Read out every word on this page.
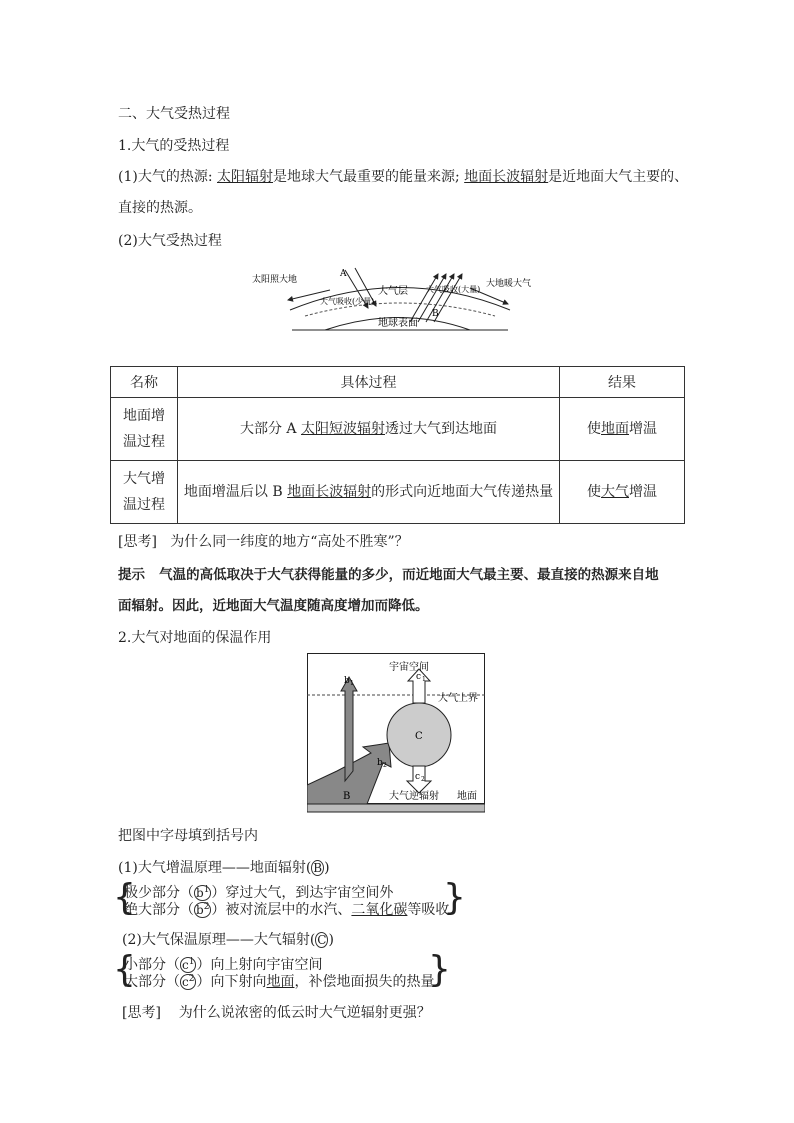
二、大气受热过程
1.大气的受热过程
(1)大气的热源: 太阳辐射是地球大气最重要的能量来源; 地面长波辐射是近地面大气主要的、
直接的热源。
(2)大气受热过程
太阳照大地	大地暖大气
大气吸收(少量)
大气层 大气吸收(大量)
地球表面
A
B
名称	具体过程	结果
地面增
温过程	大部分 A 太阳短波辐射透过大气到达地面	使地面增温
大气增
温过程	地面增温后以 B 地面长波辐射的形式向近地面大气传递热量	使大气增温
[思考] 为什么同一纬度的地方“高处不胜寒”？
提示 气温的高低取决于大气获得能量的多少，而近地面大气最主要、最直接的热源来自地
面辐射。因此，近地面大气温度随高度增加而降低。
2.大气对地面的保温作用
宇宙空间
大气上界
大气逆辐射 地面
b 1
c 1
b 2
c 2
C
B
把图中字母填到括号内
(1)大气增温原理——地面辐射( B )
{
极少部分（ $b^1$ ）穿过大气，到达宇宙空间外
绝大部分（ $b^2$ ）被对流层中的水汽、二氧化碳等吸收
}
(2)大气保温原理——大气辐射( C )
{
小部分（ $c^1$ ）向上射向宇宙空间
大部分（ $c^2$ ）向下射向地面，补偿地面损失的热量
}
[思考] 为什么说浓密的低云时大气逆辐射更强？
